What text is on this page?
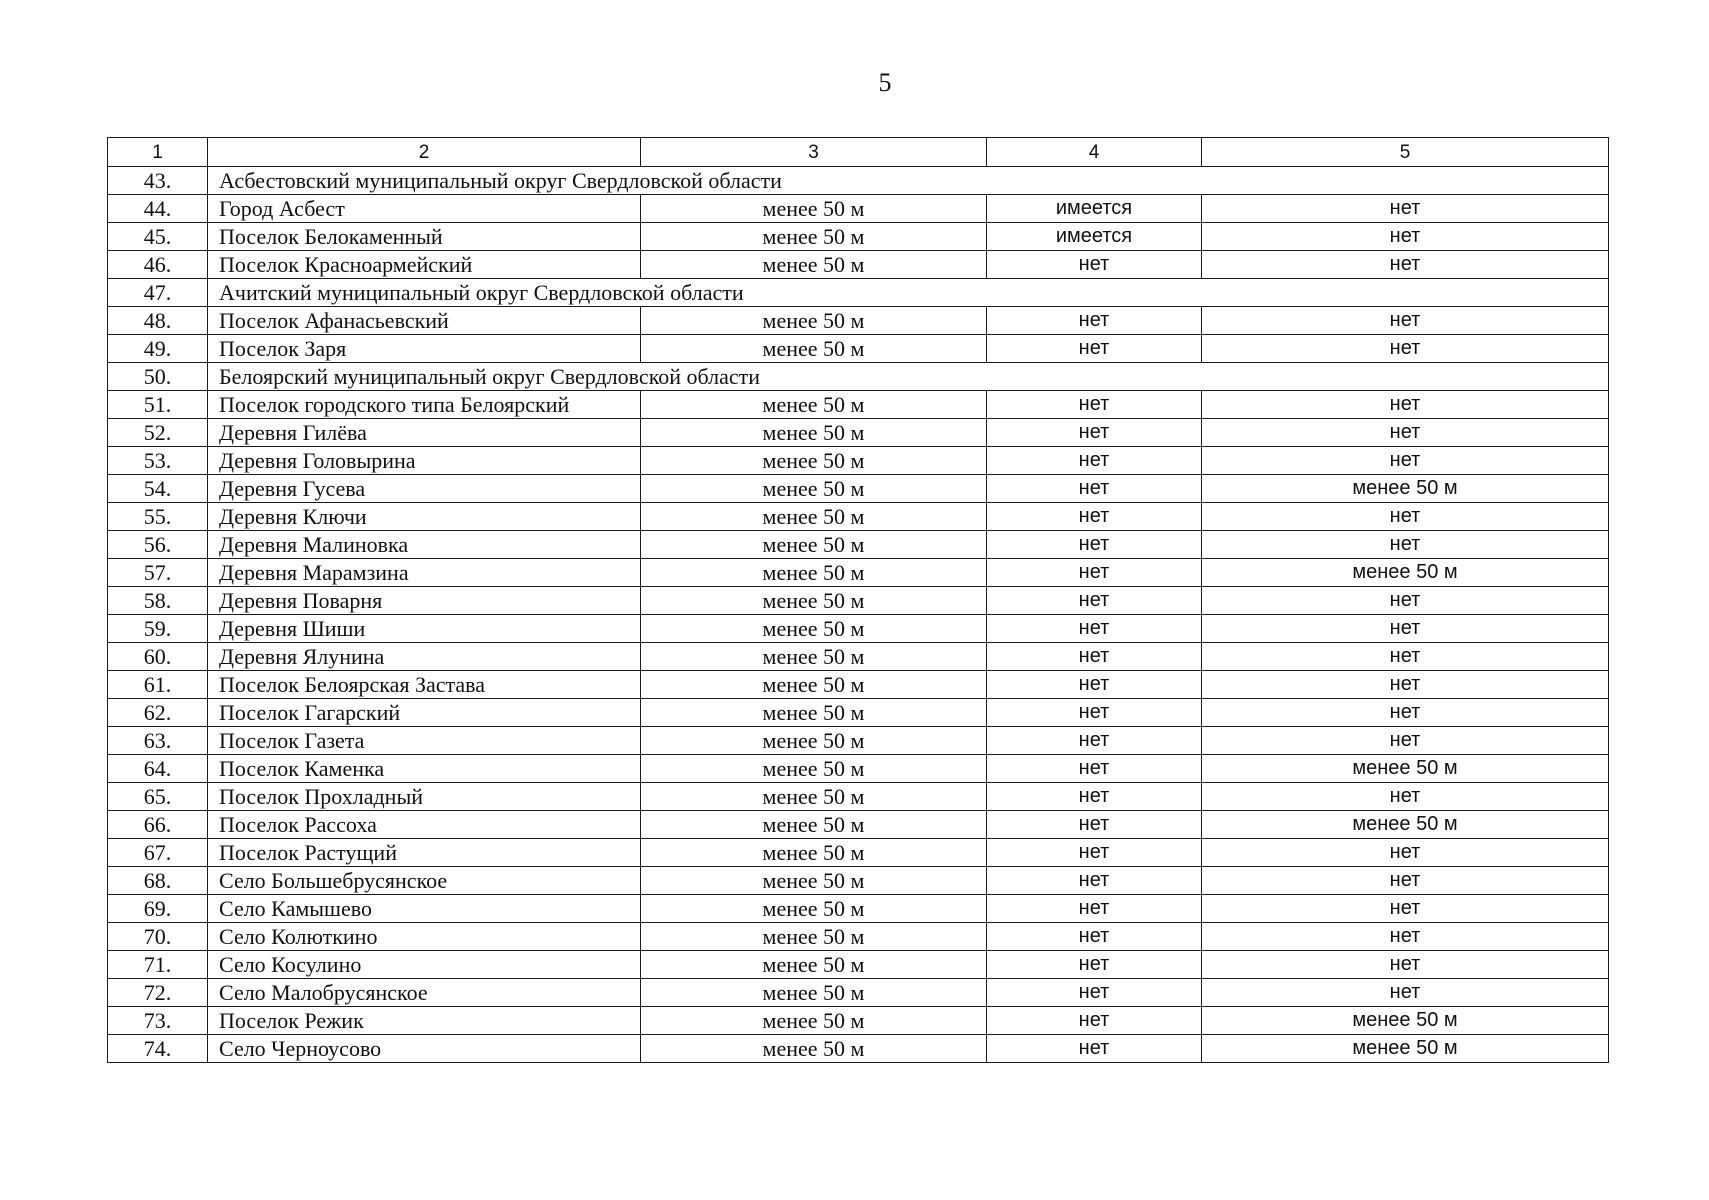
5
1	2	3	4	5
43.	Асбестовский муниципальный округ Свердловской области			
44.	Город Асбест	менее 50 м	имеется	нет
45.	Поселок Белокаменный	менее 50 м	имеется	нет
46.	Поселок Красноармейский	менее 50 м	нет	нет
47.	Ачитский муниципальный округ Свердловской области			
48.	Поселок Афанасьевский	менее 50 м	нет	нет
49.	Поселок Заря	менее 50 м	нет	нет
50.	Белоярский муниципальный округ Свердловской области			
51.	Поселок городского типа Белоярский	менее 50 м	нет	нет
52.	Деревня Гилёва	менее 50 м	нет	нет
53.	Деревня Головырина	менее 50 м	нет	нет
54.	Деревня Гусева	менее 50 м	нет	менее 50 м
55.	Деревня Ключи	менее 50 м	нет	нет
56.	Деревня Малиновка	менее 50 м	нет	нет
57.	Деревня Марамзина	менее 50 м	нет	менее 50 м
58.	Деревня Поварня	менее 50 м	нет	нет
59.	Деревня Шиши	менее 50 м	нет	нет
60.	Деревня Ялунина	менее 50 м	нет	нет
61.	Поселок Белоярская Застава	менее 50 м	нет	нет
62.	Поселок Гагарский	менее 50 м	нет	нет
63.	Поселок Газета	менее 50 м	нет	нет
64.	Поселок Каменка	менее 50 м	нет	менее 50 м
65.	Поселок Прохладный	менее 50 м	нет	нет
66.	Поселок Рассоха	менее 50 м	нет	менее 50 м
67.	Поселок Растущий	менее 50 м	нет	нет
68.	Село Большебрусянское	менее 50 м	нет	нет
69.	Село Камышево	менее 50 м	нет	нет
70.	Село Колюткино	менее 50 м	нет	нет
71.	Село Косулино	менее 50 м	нет	нет
72.	Село Малобрусянское	менее 50 м	нет	нет
73.	Поселок Режик	менее 50 м	нет	менее 50 м
74.	Село Черноусово	менее 50 м	нет	менее 50 м
